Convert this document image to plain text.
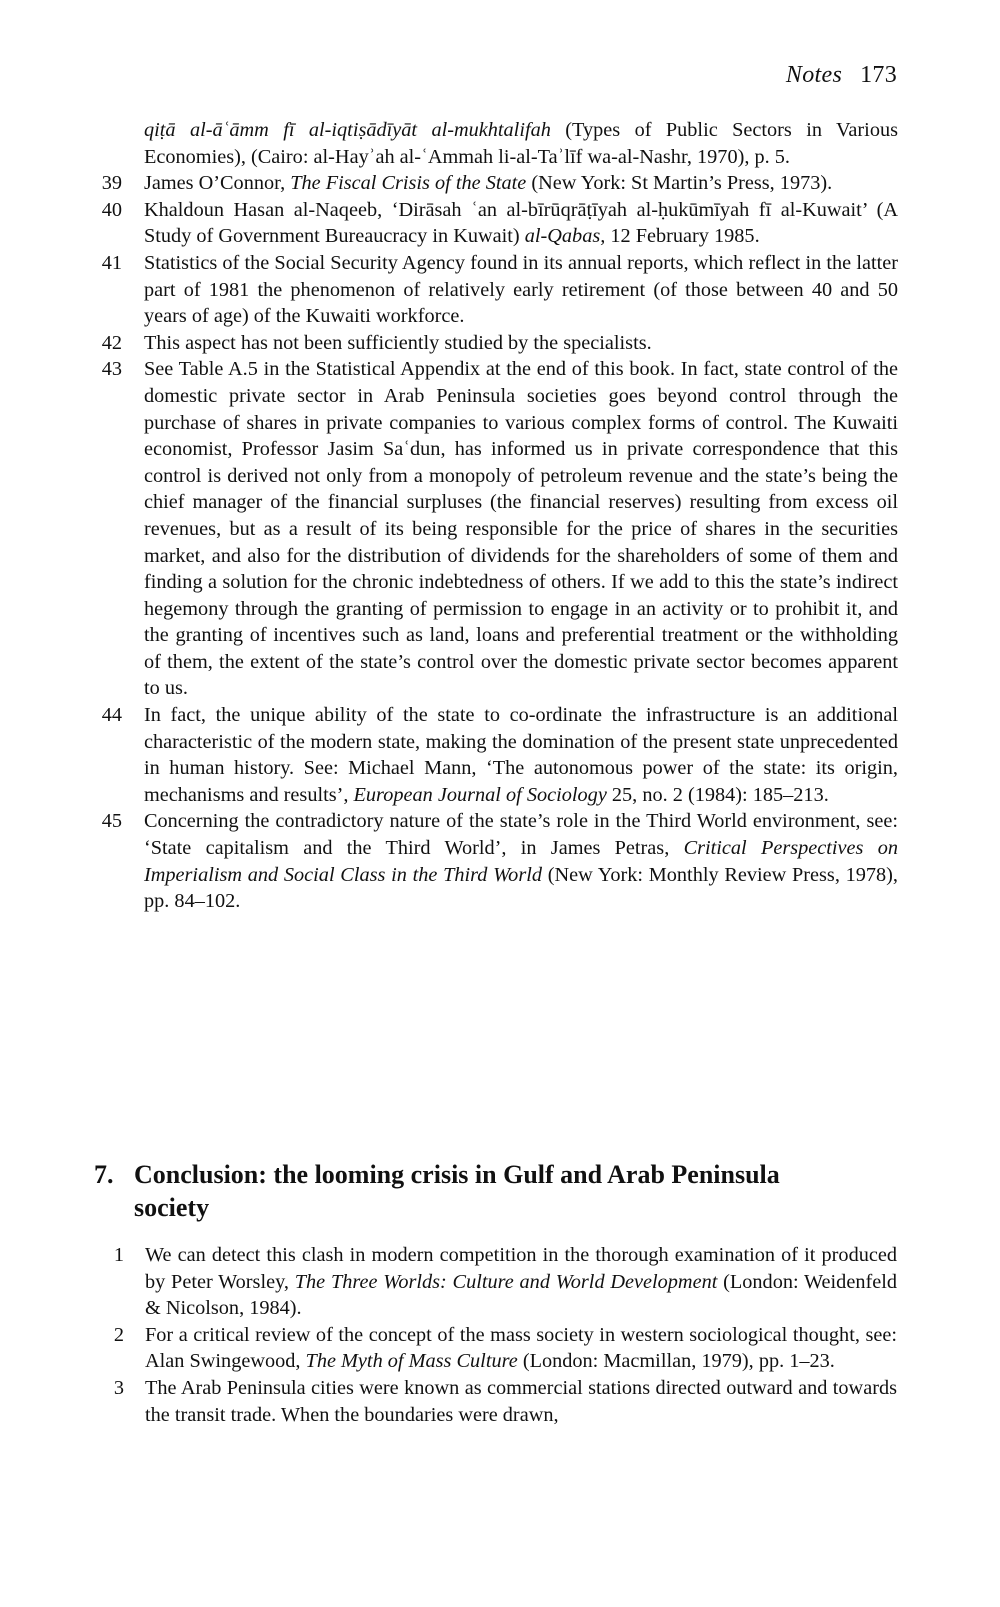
Notes 173
qiṭā al-āʿāmm fī al-iqtiṣādīyāt al-mukhtalifah (Types of Public Sectors in Various Economies), (Cairo: al-Hayʾah al-ʿAmmah li-al-Taʾlīf wa-al-Nashr, 1970), p. 5.
39 James O’Connor, The Fiscal Crisis of the State (New York: St Martin’s Press, 1973).
40 Khaldoun Hasan al-Naqeeb, ‘Dirāsah ʿan al-bīrūqrāṭīyah al-ḥukūmīyah fī al-Kuwait’ (A Study of Government Bureaucracy in Kuwait) al-Qabas, 12 February 1985.
41 Statistics of the Social Security Agency found in its annual reports, which reflect in the latter part of 1981 the phenomenon of relatively early retirement (of those between 40 and 50 years of age) of the Kuwaiti workforce.
42 This aspect has not been sufficiently studied by the specialists.
43 See Table A.5 in the Statistical Appendix at the end of this book. In fact, state control of the domestic private sector in Arab Peninsula societies goes beyond control through the purchase of shares in private companies to various complex forms of control. The Kuwaiti economist, Professor Jasim Saʿdun, has informed us in private correspondence that this control is derived not only from a monopoly of petroleum revenue and the state’s being the chief manager of the financial surpluses (the financial reserves) resulting from excess oil revenues, but as a result of its being responsible for the price of shares in the securities market, and also for the distribution of dividends for the shareholders of some of them and finding a solution for the chronic indebtedness of others. If we add to this the state’s indirect hegemony through the granting of permission to engage in an activity or to prohibit it, and the granting of incentives such as land, loans and preferential treatment or the withholding of them, the extent of the state’s control over the domestic private sector becomes apparent to us.
44 In fact, the unique ability of the state to co-ordinate the infrastructure is an additional characteristic of the modern state, making the domination of the present state unprecedented in human history. See: Michael Mann, ‘The autonomous power of the state: its origin, mechanisms and results’, European Journal of Sociology 25, no. 2 (1984): 185–213.
45 Concerning the contradictory nature of the state’s role in the Third World environment, see: ‘State capitalism and the Third World’, in James Petras, Critical Perspectives on Imperialism and Social Class in the Third World (New York: Monthly Review Press, 1978), pp. 84–102.
7. Conclusion: the looming crisis in Gulf and Arab Peninsula
society
1 We can detect this clash in modern competition in the thorough examination of it produced by Peter Worsley, The Three Worlds: Culture and World Development (London: Weidenfeld & Nicolson, 1984).
2 For a critical review of the concept of the mass society in western sociological thought, see: Alan Swingewood, The Myth of Mass Culture (London: Macmillan, 1979), pp. 1–23.
3 The Arab Peninsula cities were known as commercial stations directed outward and towards the transit trade. When the boundaries were drawn,
